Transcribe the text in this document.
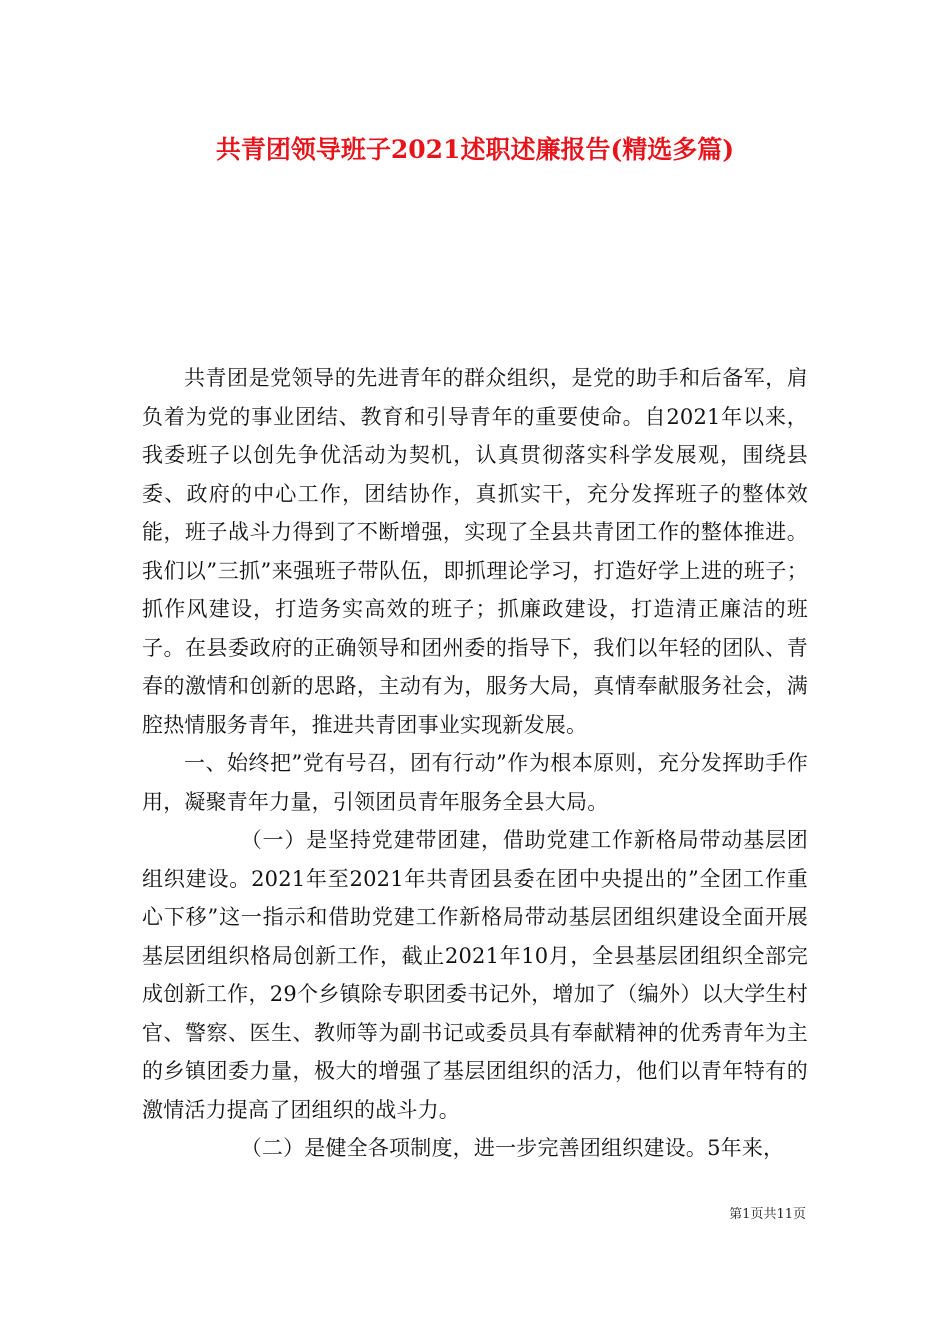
共青团领导班子2021述职述廉报告(精选多篇)

共青团是党领导的先进青年的群众组织，是党的助手和后备军，肩负着为党的事业团结、教育和引导青年的重要使命。自2021年以来，我委班子以创先争优活动为契机，认真贯彻落实科学发展观，围绕县委、政府的中心工作，团结协作，真抓实干，充分发挥班子的整体效能，班子战斗力得到了不断增强，实现了全县共青团工作的整体推进。我们以”三抓”来强班子带队伍，即抓理论学习，打造好学上进的班子；抓作风建设，打造务实高效的班子；抓廉政建设，打造清正廉洁的班子。在县委政府的正确领导和团州委的指导下，我们以年轻的团队、青春的激情和创新的思路，主动有为，服务大局，真情奉献服务社会，满腔热情服务青年，推进共青团事业实现新发展。

一、始终把”党有号召，团有行动”作为根本原则，充分发挥助手作用，凝聚青年力量，引领团员青年服务全县大局。

（一）是坚持党建带团建，借助党建工作新格局带动基层团组织建设。2021年至2021年共青团县委在团中央提出的”全团工作重心下移”这一指示和借助党建工作新格局带动基层团组织建设全面开展基层团组织格局创新工作，截止2021年10月，全县基层团组织全部完成创新工作，29个乡镇除专职团委书记外，增加了（编外）以大学生村官、警察、医生、教师等为副书记或委员具有奉献精神的优秀青年为主的乡镇团委力量，极大的增强了基层团组织的活力，他们以青年特有的激情活力提高了团组织的战斗力。

（二）是健全各项制度，进一步完善团组织建设。5年来，

第1页共11页
